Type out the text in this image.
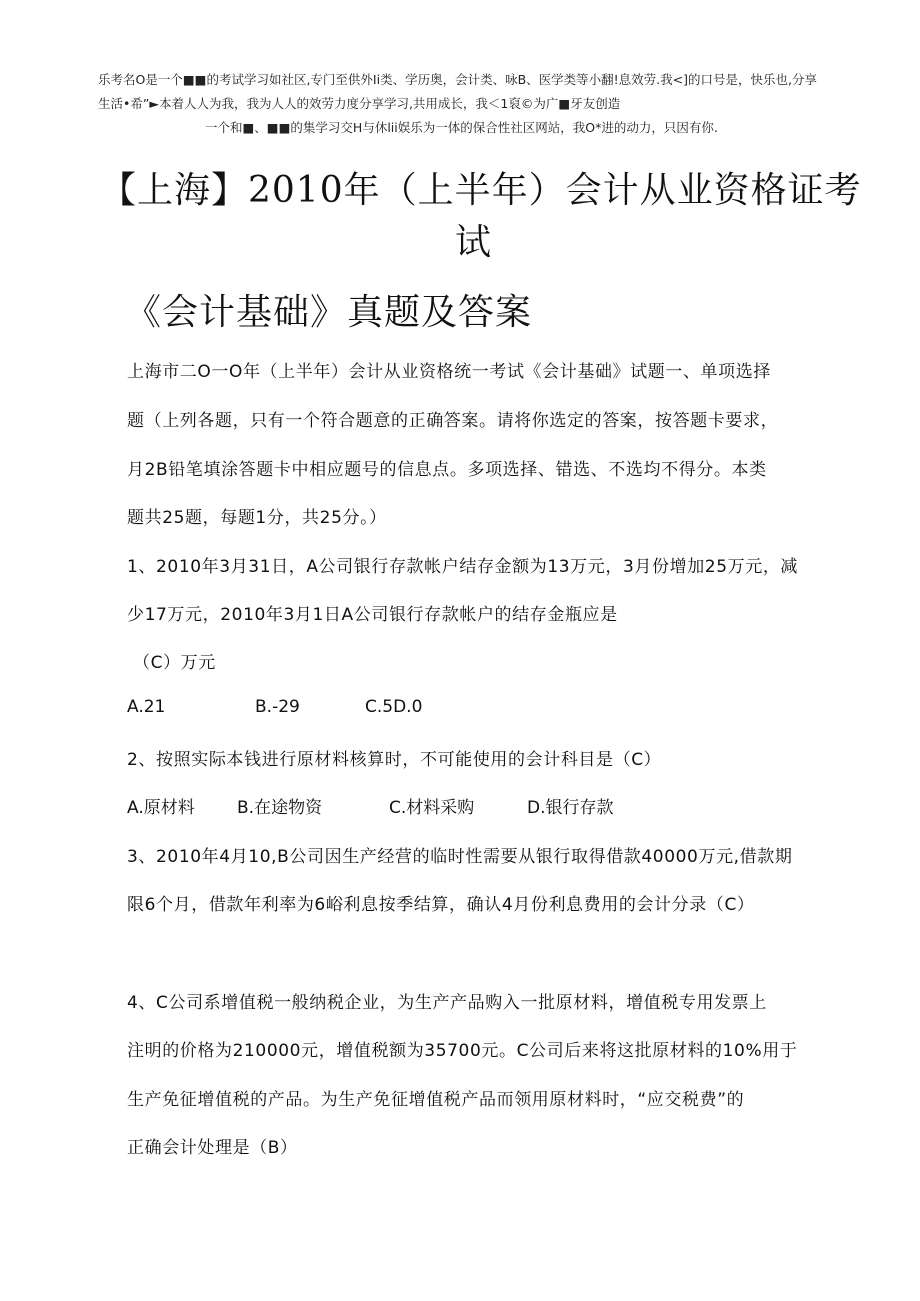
乐考名O是一个■■的考试学习如社区,专门至供外Ii类、学历奥，会计类、咏B、医学类等小翻!息效劳.我<]的口号是，快乐也,分享
生活•希”►本着人人为我，我为人人的效劳力度分享学习,共用成长，我＜1裒©为广■牙友创造
一个和■、■■的集学习交H与休lii娱乐为一体的保合性社区网站，我O*进的动力，只因有你.
【上海】2010年（上半年）会计从业资格证考
试
《会计基础》真题及答案
上海市二O一O年（上半年）会计从业资格统一考试《会计基础》试题一、单项选择
题（上列各题，只有一个符合题意的正确答案。请将你选定的答案，按答题卡要求，
月2B铅笔填涂答题卡中相应题号的信息点。多项选择、错选、不选均不得分。本类
题共25题，每题1分，共25分。）
1、2010年3月31日，A公司银行存款帐户结存金额为13万元，3月份增加25万元，减
少17万元，2010年3月1日A公司银行存款帐户的结存金瓶应是
（C）万元
A.21	B.-29	C.5D.0
2、按照实际本钱进行原材料核算时，不可能使用的会计科目是（C）
A.原材料 B.在途物资	C.材料采购	D.银行存款
3、2010年4月10,B公司因生产经营的临时性需要从银行取得借款40000万元,借款期
限6个月，借款年利率为6峪利息按季结算，确认4月份利息费用的会计分录（C）
4、C公司系增值税一般纳税企业，为生产产品购入一批原材料，增值税专用发票上
注明的价格为210000元，增值税额为35700元。C公司后来将这批原材料的10%用于
生产免征增值税的产品。为生产免征增值税产品而领用原材料时，“应交税费”的
正确会计处理是（B）
